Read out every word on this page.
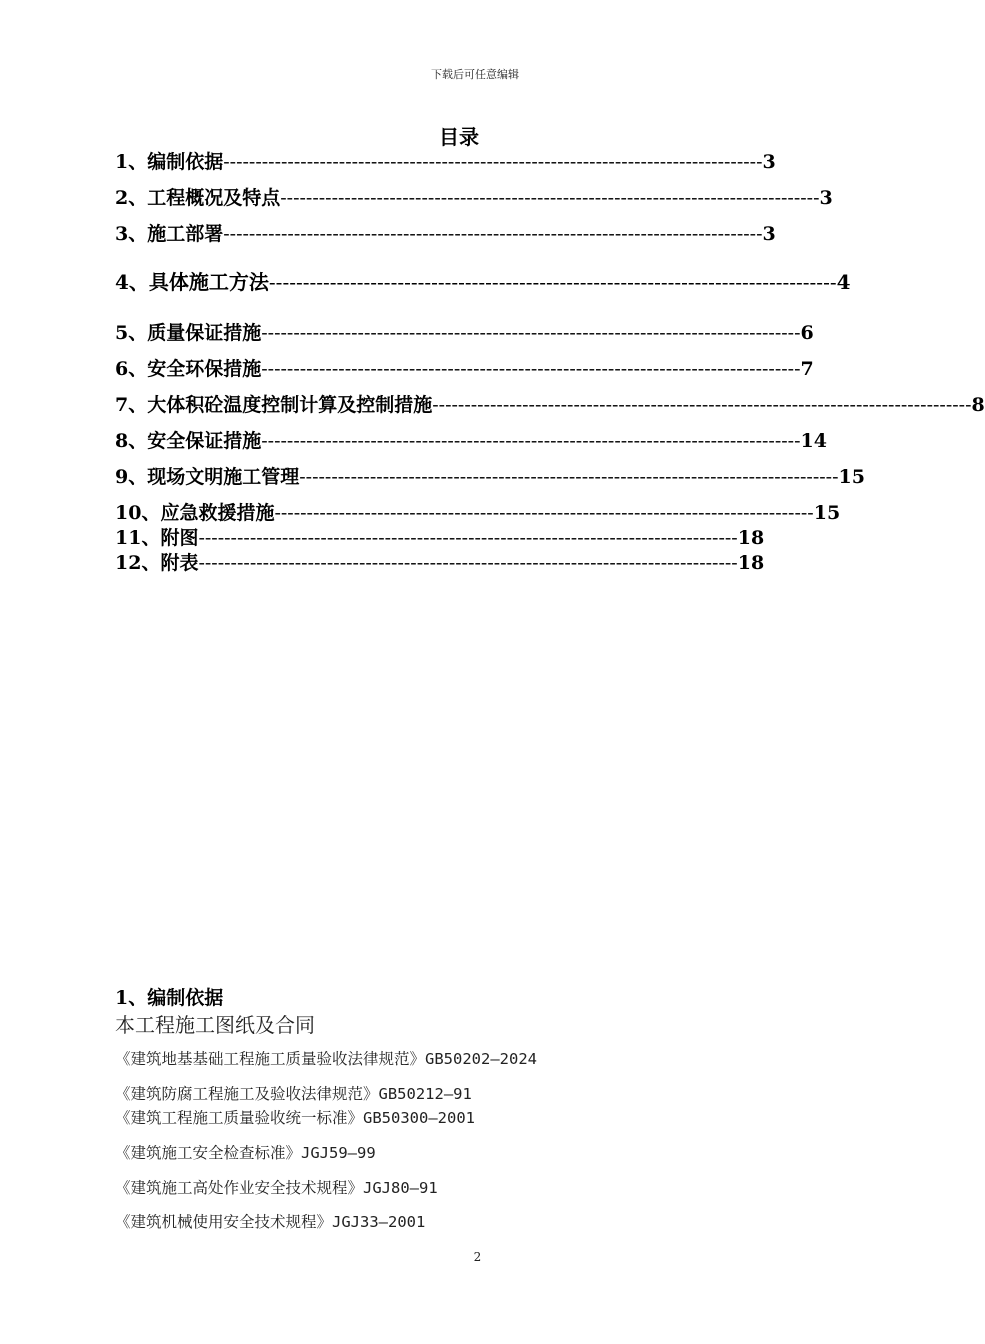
下载后可任意编辑
目录
1、编制依据 ------------------------------------------------------------------------------------ 3
2、工程概况及特点 ------------------------------------------------------------------------------------ 3
3、施工部署 ------------------------------------------------------------------------------------ 3
4、具体施工方法 ------------------------------------------------------------------------------------ 4
5、质量保证措施 ------------------------------------------------------------------------------------ 6
6、安全环保措施 ------------------------------------------------------------------------------------ 7
7、大体积砼温度控制计算及控制措施 ------------------------------------------------------------------------------------ 8
8、安全保证措施 ------------------------------------------------------------------------------------ 14
9、现场文明施工管理 ------------------------------------------------------------------------------------ 15
10、应急救援措施 ------------------------------------------------------------------------------------ 15
11、附图 ------------------------------------------------------------------------------------ 18
12、附表 ------------------------------------------------------------------------------------ 18
1、编制依据
本工程施工图纸及合同
《建筑地基基础工程施工质量验收法律规范》GB50202—2024
《建筑防腐工程施工及验收法律规范》GB50212—91
《建筑工程施工质量验收统一标准》GB50300—2001
《建筑施工安全检查标准》JGJ59—99
《建筑施工高处作业安全技术规程》JGJ80—91
《建筑机械使用安全技术规程》JGJ33—2001
2
